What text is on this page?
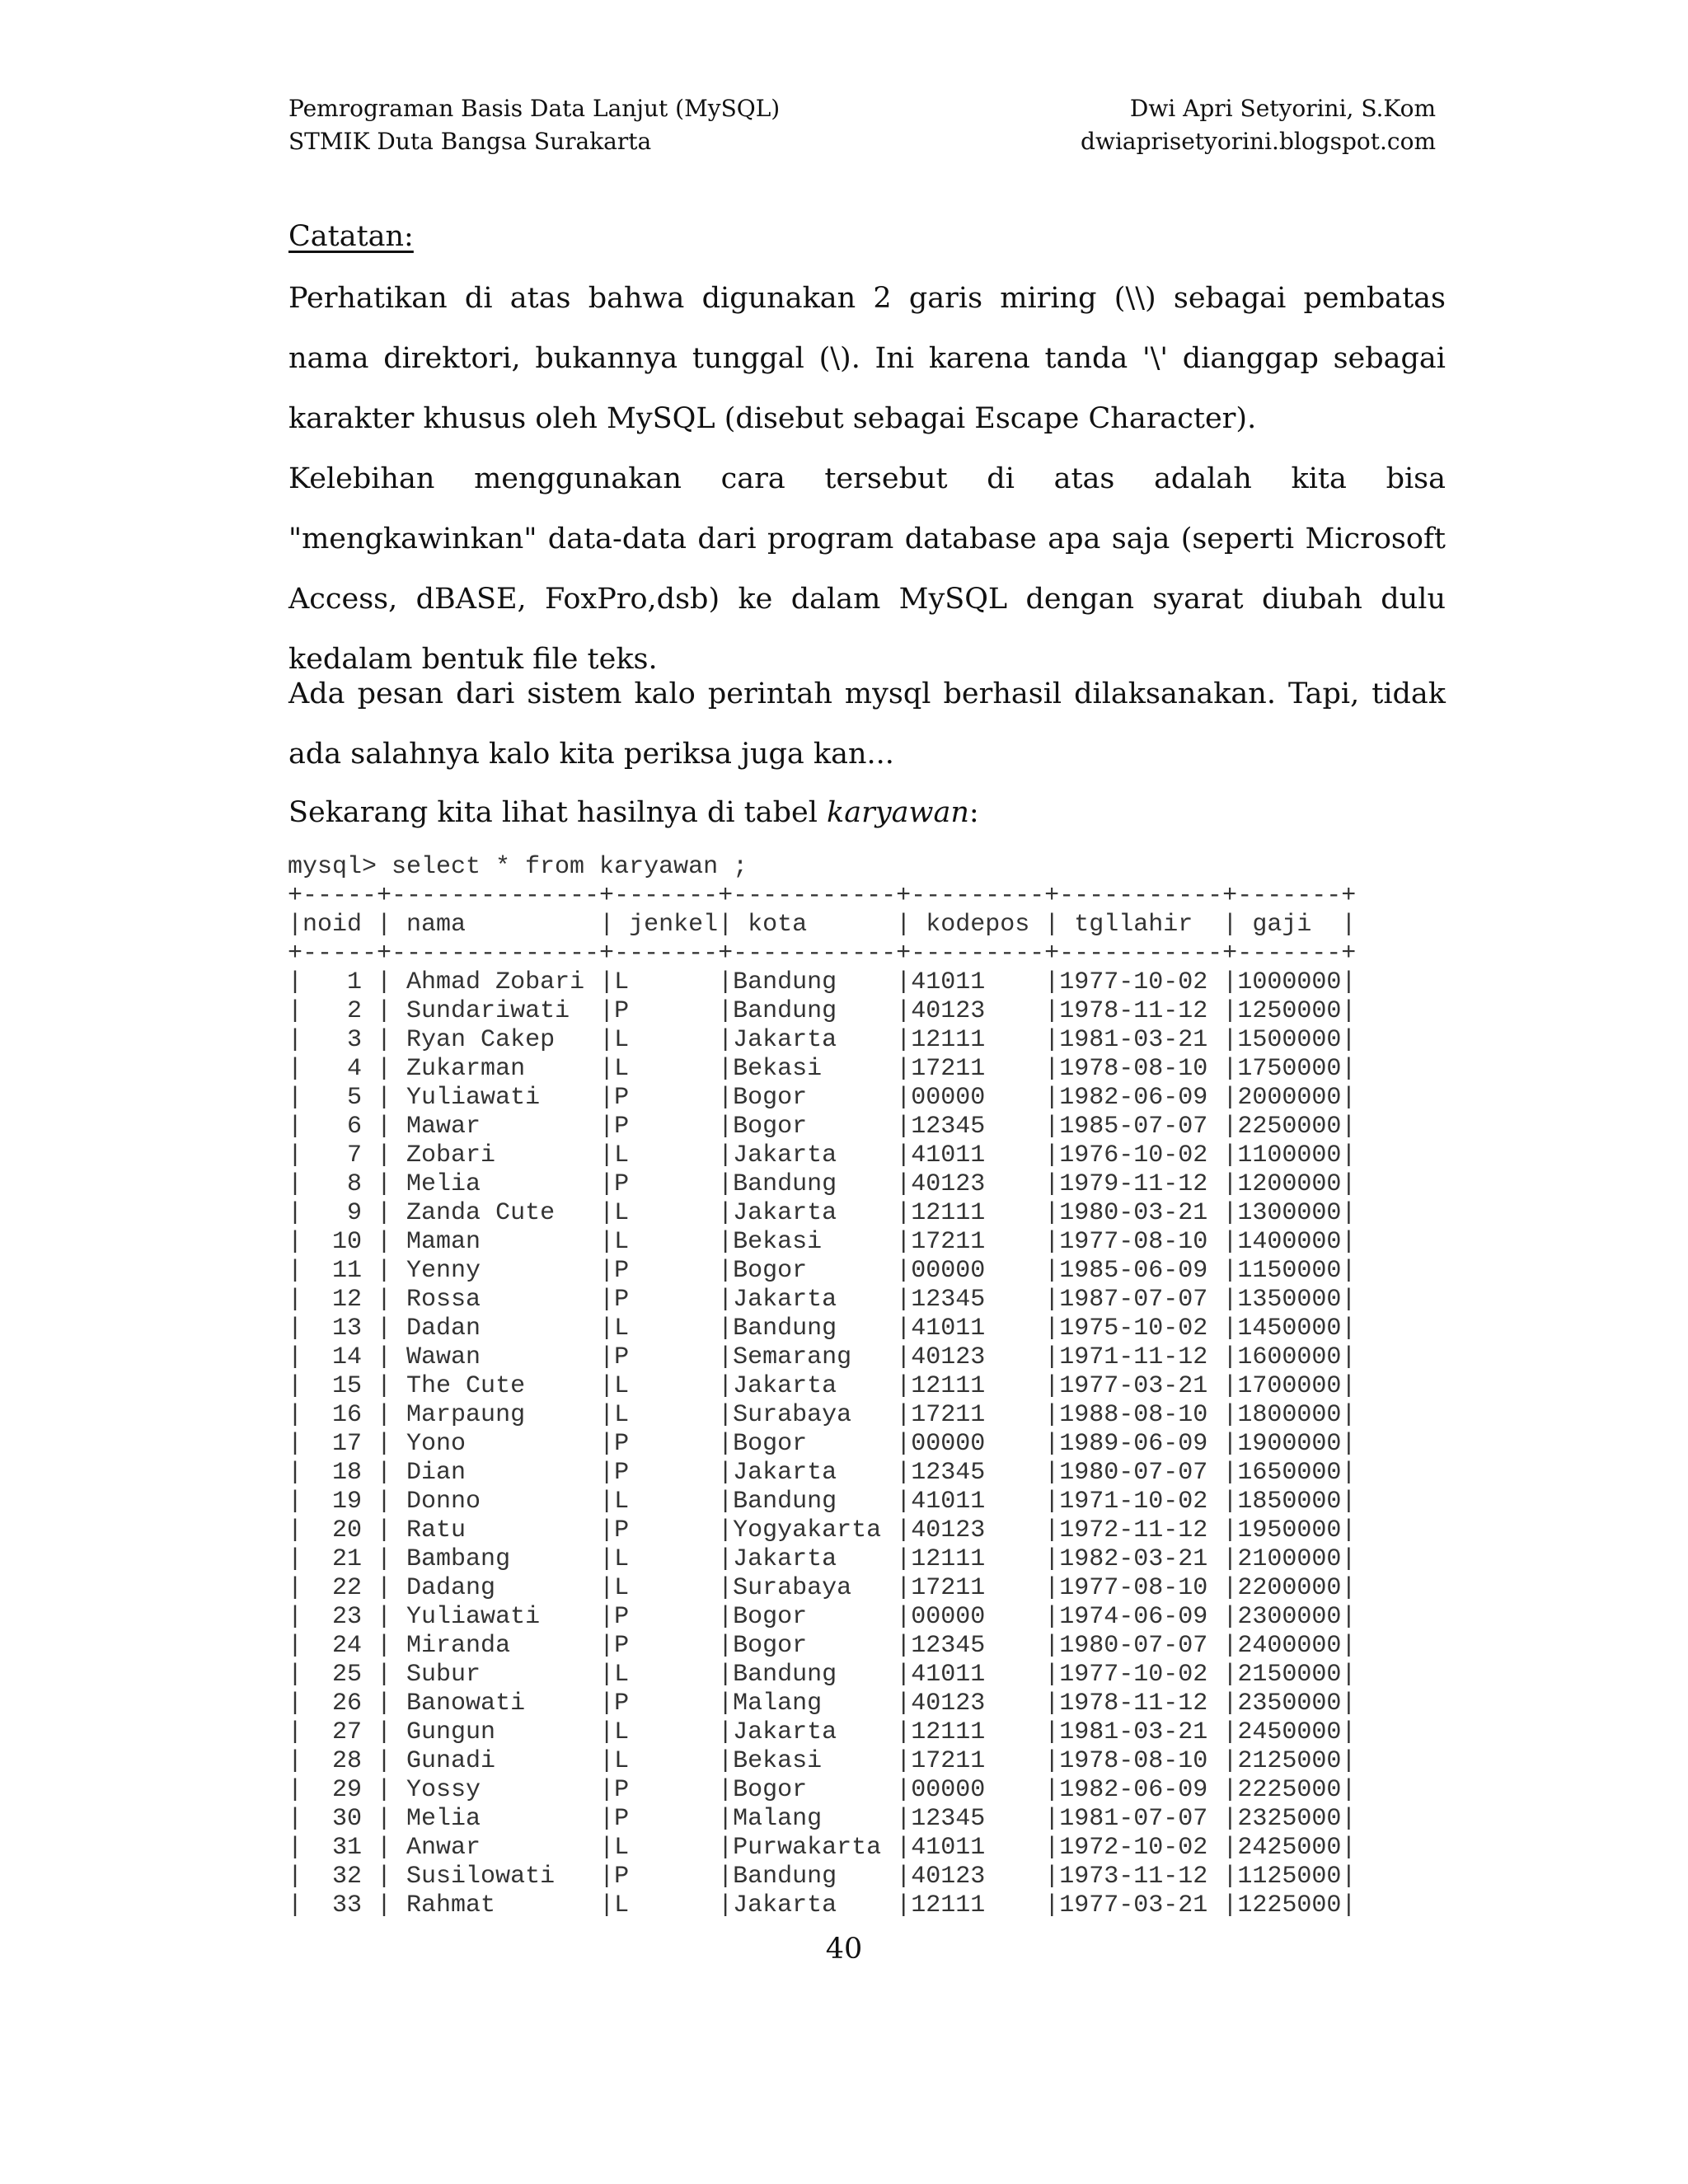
Pemrograman Basis Data Lanjut (MySQL)	Dwi Apri Setyorini, S.Kom
STMIK Duta Bangsa Surakarta	dwiaprisetyorini.blogspot.com
Catatan:

Perhatikan di atas bahwa digunakan 2 garis miring (\\) sebagai pembatas nama direktori, bukannya tunggal (\). Ini karena tanda '\' dianggap sebagai karakter khusus oleh MySQL (disebut sebagai Escape Character).

Kelebihan menggunakan cara tersebut di atas adalah kita bisa "mengkawinkan" data-data dari program database apa saja (seperti Microsoft Access, dBASE, FoxPro,dsb) ke dalam MySQL dengan syarat diubah dulu kedalam bentuk file teks.

Ada pesan dari sistem kalo perintah mysql berhasil dilaksanakan. Tapi, tidak ada salahnya kalo kita periksa juga kan...

Sekarang kita lihat hasilnya di tabel karyawan:

mysql> select * from karyawan ;
+-----+--------------+-------+-----------+---------+-----------+-------+
|noid | nama         | jenkel| kota      | kodepos | tgllahir  | gaji  |
+-----+--------------+-------+-----------+---------+-----------+-------+
|   1 | Ahmad Zobari |L      |Bandung    |41011    |1977-10-02 |1000000|
|   2 | Sundariwati  |P      |Bandung    |40123    |1978-11-12 |1250000|
|   3 | Ryan Cakep   |L      |Jakarta    |12111    |1981-03-21 |1500000|
|   4 | Zukarman     |L      |Bekasi     |17211    |1978-08-10 |1750000|
|   5 | Yuliawati    |P      |Bogor      |00000    |1982-06-09 |2000000|
|   6 | Mawar        |P      |Bogor      |12345    |1985-07-07 |2250000|
|   7 | Zobari       |L      |Jakarta    |41011    |1976-10-02 |1100000|
|   8 | Melia        |P      |Bandung    |40123    |1979-11-12 |1200000|
|   9 | Zanda Cute   |L      |Jakarta    |12111    |1980-03-21 |1300000|
|  10 | Maman        |L      |Bekasi     |17211    |1977-08-10 |1400000|
|  11 | Yenny        |P      |Bogor      |00000    |1985-06-09 |1150000|
|  12 | Rossa        |P      |Jakarta    |12345    |1987-07-07 |1350000|
|  13 | Dadan        |L      |Bandung    |41011    |1975-10-02 |1450000|
|  14 | Wawan        |P      |Semarang   |40123    |1971-11-12 |1600000|
|  15 | The Cute     |L      |Jakarta    |12111    |1977-03-21 |1700000|
|  16 | Marpaung     |L      |Surabaya   |17211    |1988-08-10 |1800000|
|  17 | Yono         |P      |Bogor      |00000    |1989-06-09 |1900000|
|  18 | Dian         |P      |Jakarta    |12345    |1980-07-07 |1650000|
|  19 | Donno        |L      |Bandung    |41011    |1971-10-02 |1850000|
|  20 | Ratu         |P      |Yogyakarta |40123    |1972-11-12 |1950000|
|  21 | Bambang      |L      |Jakarta    |12111    |1982-03-21 |2100000|
|  22 | Dadang       |L      |Surabaya   |17211    |1977-08-10 |2200000|
|  23 | Yuliawati    |P      |Bogor      |00000    |1974-06-09 |2300000|
|  24 | Miranda      |P      |Bogor      |12345    |1980-07-07 |2400000|
|  25 | Subur        |L      |Bandung    |41011    |1977-10-02 |2150000|
|  26 | Banowati     |P      |Malang     |40123    |1978-11-12 |2350000|
|  27 | Gungun       |L      |Jakarta    |12111    |1981-03-21 |2450000|
|  28 | Gunadi       |L      |Bekasi     |17211    |1978-08-10 |2125000|
|  29 | Yossy        |P      |Bogor      |00000    |1982-06-09 |2225000|
|  30 | Melia        |P      |Malang     |12345    |1981-07-07 |2325000|
|  31 | Anwar        |L      |Purwakarta |41011    |1972-10-02 |2425000|
|  32 | Susilowati   |P      |Bandung    |40123    |1973-11-12 |1125000|
|  33 | Rahmat       |L      |Jakarta    |12111    |1977-03-21 |1225000|

40
